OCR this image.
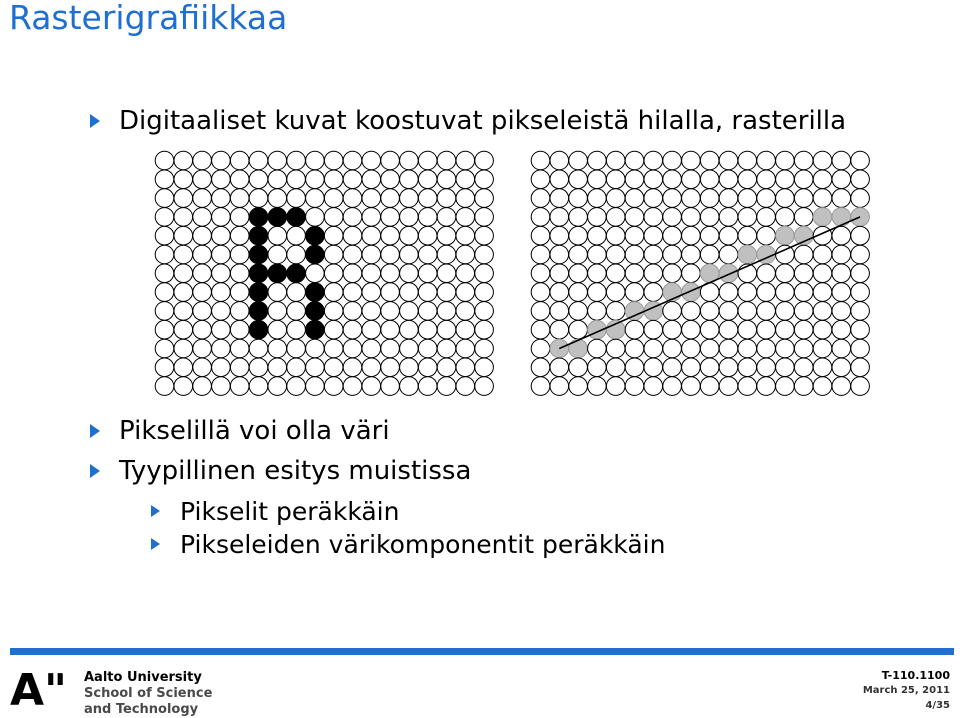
Rasterigrafiikkaa
Digitaaliset kuvat koostuvat pikseleistä hilalla, rasterilla
Pikselillä voi olla väri
Tyypillinen esitys muistissa
Pikselit peräkkäin
Pikseleiden värikomponentit peräkkäin
A" Aalto University
School of Science
and Technology
T-110.1100
March 25, 2011
4/35
